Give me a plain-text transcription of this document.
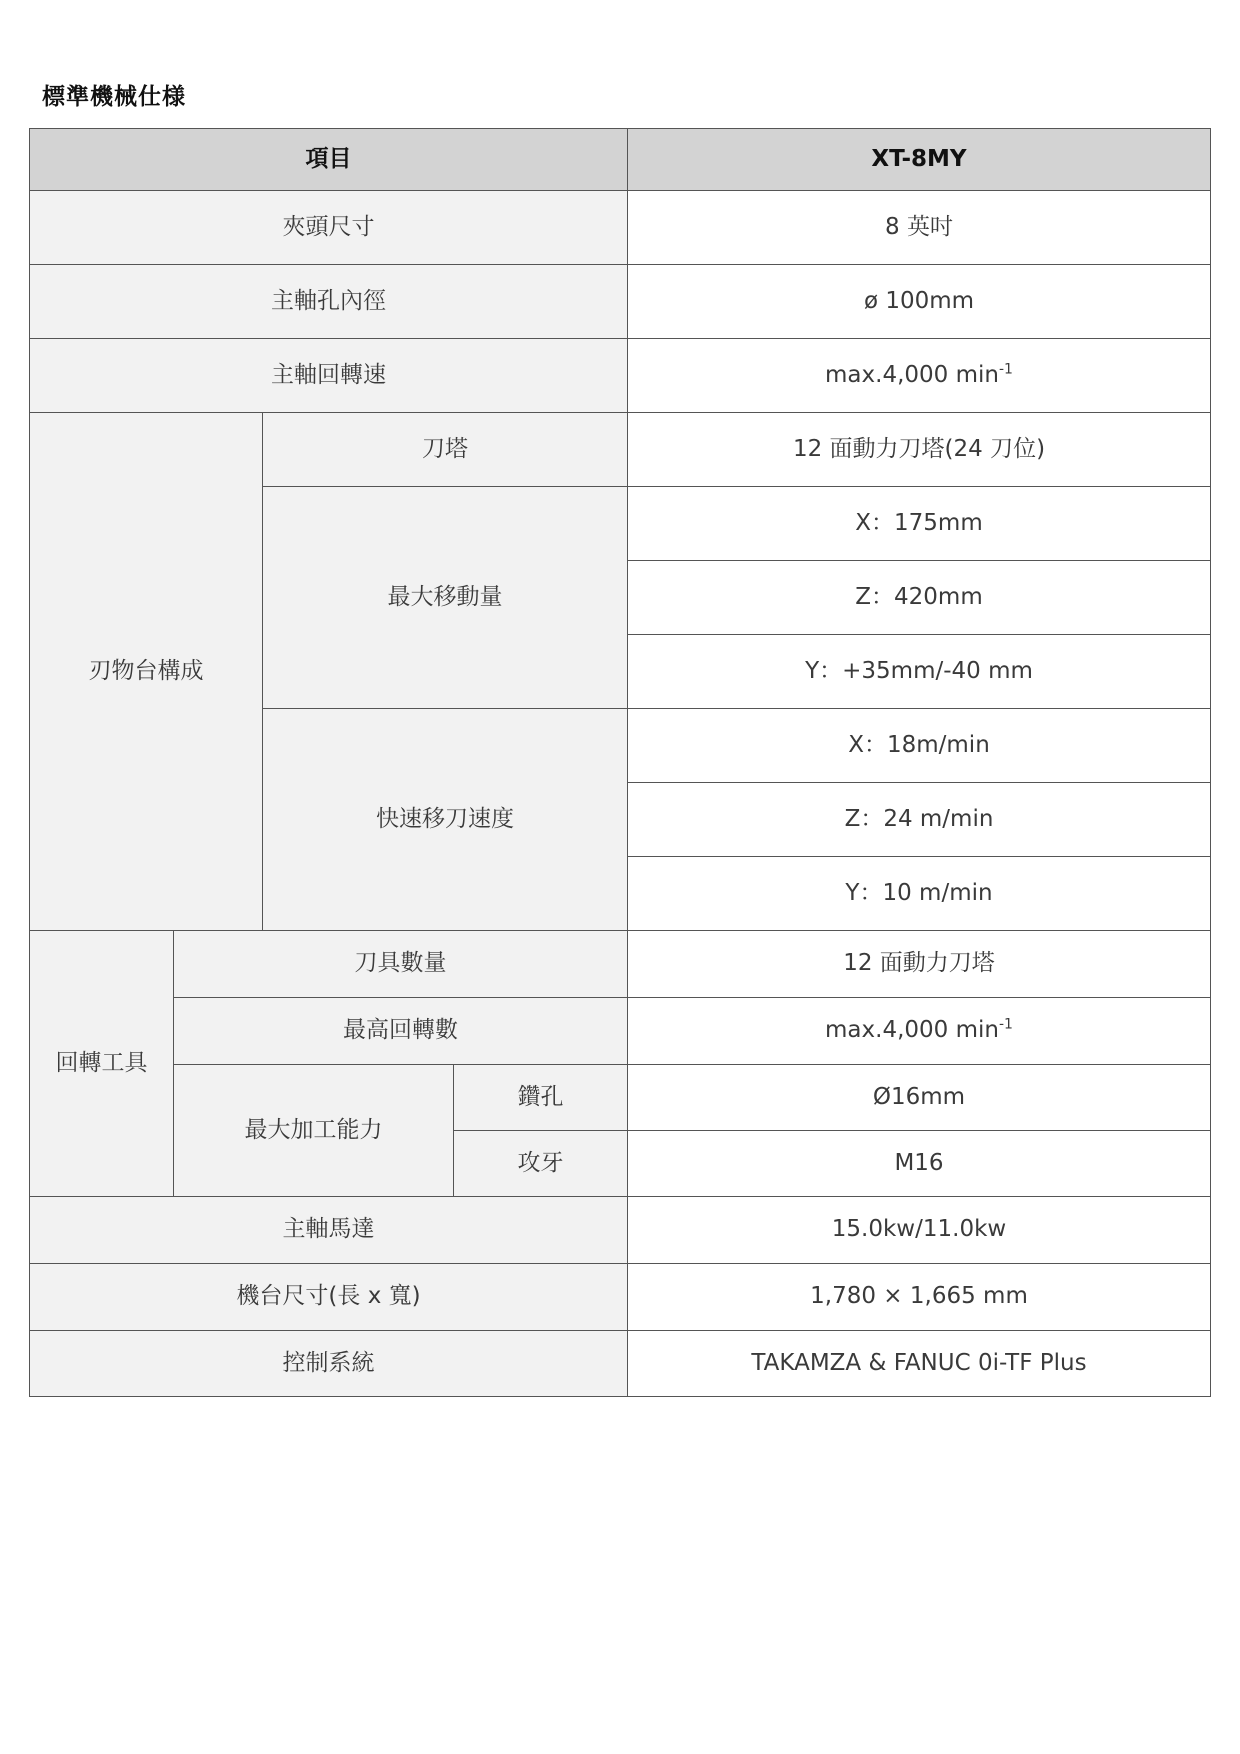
標準機械仕様
項目				XT-8MY
夾頭尺寸				8 英吋
主軸孔內徑				ø 100mm
主軸回轉速				max.4,000 $\min^{-1}$
刃物台構成		刀塔		12 面動力刀塔(24 刀位)
		最大移動量		X：175mm
				Z：420mm
				Y：+35mm/-40 mm
		快速移刀速度		X：18m/min
				Z：24 m/min
				Y：10 m/min
回轉工具	刀具數量			12 面動力刀塔
	最高回轉數			max.4,000 $\min^{-1}$
	最大加工能力		鑽孔	Ø16mm
			攻牙	M16
主軸馬達				15.0kw/11.0kw
機台尺寸(長 x 寬)				1,780 × 1,665 mm
控制系統				TAKAMZA & FANUC 0i-TF Plus
